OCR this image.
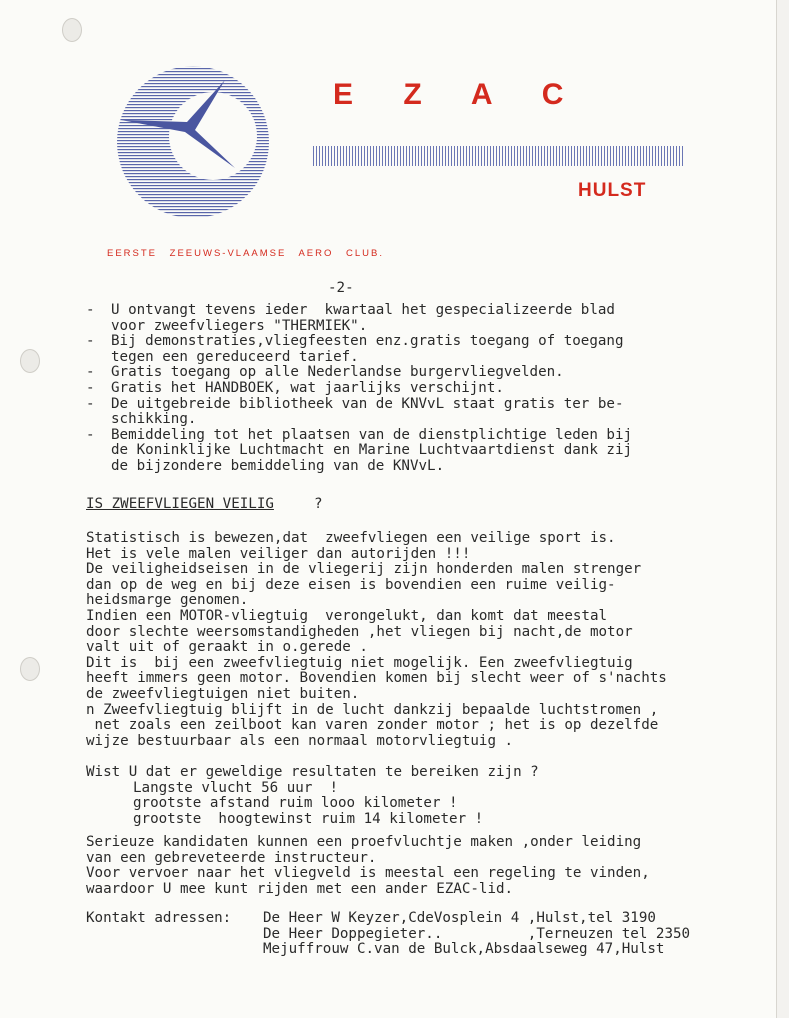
E Z A C
HULST
EERSTE ZEEUWS-VLAAMSE AERO CLUB.
-2-
- U ontvangt tevens ieder  kwartaal het gespecializeerde blad
voor zweefvliegers "THERMIEK".
- Bij demonstraties,vliegfeesten enz.gratis toegang of toegang
tegen een gereduceerd tarief.
- Gratis toegang op alle Nederlandse burgervliegvelden.
- Gratis het HANDBOEK, wat jaarlijks verschijnt.
- De uitgebreide bibliotheek van de KNVvL staat gratis ter be-
schikking.
- Bemiddeling tot het plaatsen van de dienstplichtige leden bij
de Koninklijke Luchtmacht en Marine Luchtvaartdienst dank zij
de bijzondere bemiddeling van de KNVvL.
IS ZWEEFVLIEGEN VEILIG	?
Statistisch is bewezen,dat  zweefvliegen een veilige sport is.
Het is vele malen veiliger dan autorijden !!!
De veiligheidseisen in de vliegerij zijn honderden malen strenger
dan op de weg en bij deze eisen is bovendien een ruime veilig-
heidsmarge genomen.
Indien een MOTOR-vliegtuig  verongelukt, dan komt dat meestal
door slechte weersomstandigheden ,het vliegen bij nacht,de motor
valt uit of geraakt in o.gerede .
Dit is  bij een zweefvliegtuig niet mogelijk. Een zweefvliegtuig
heeft immers geen motor. Bovendien komen bij slecht weer of s'nachts
de zweefvliegtuigen niet buiten.
n Zweefvliegtuig blijft in de lucht dankzij bepaalde luchtstromen ,
net zoals een zeilboot kan varen zonder motor ; het is op dezelfde
wijze bestuurbaar als een normaal motorvliegtuig .
Wist U dat er geweldige resultaten te bereiken zijn ?
Langste vlucht 56 uur  !
grootste afstand ruim looo kilometer !
grootste  hoogtewinst ruim 14 kilometer !
Serieuze kandidaten kunnen een proefvluchtje maken ,onder leiding
van een gebreveteerde instructeur.
Voor vervoer naar het vliegveld is meestal een regeling te vinden,
waardoor U mee kunt rijden met een ander EZAC-lid.
Kontakt adressen: De Heer W Keyzer,CdeVosplein 4 ,Hulst,tel 3190
De Heer Doppegieter..          ,Terneuzen tel 2350
Mejuffrouw C.van de Bulck,Absdaalseweg 47,Hulst
